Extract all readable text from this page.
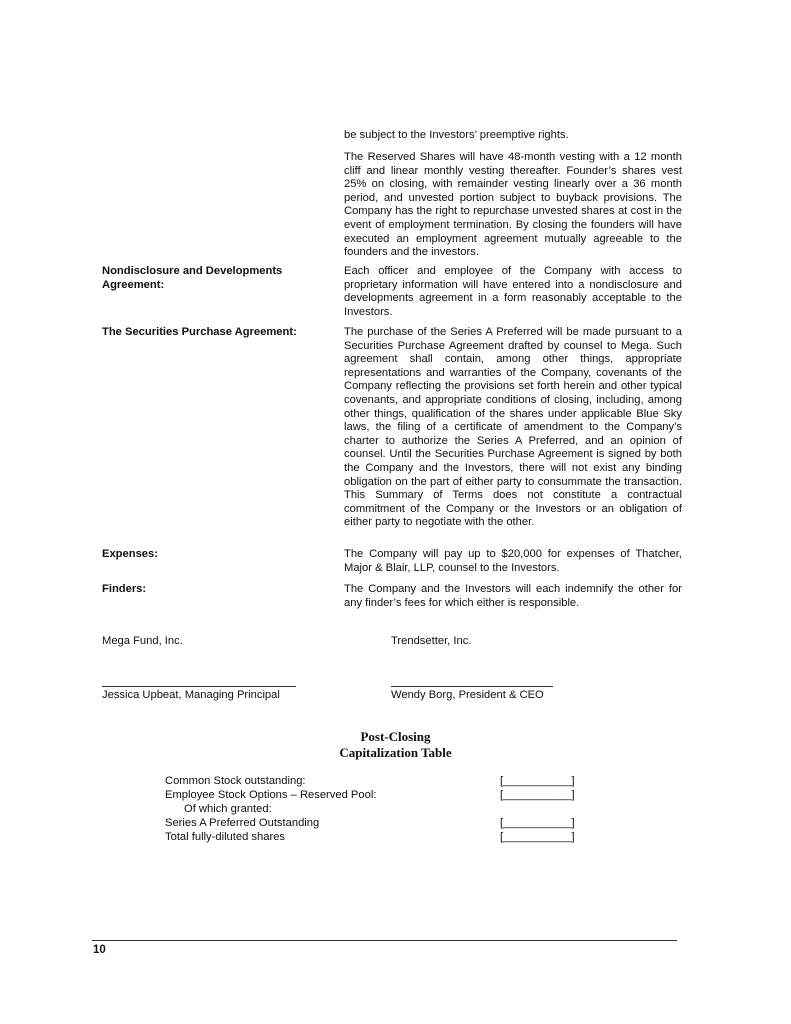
be subject to the Investors’ preemptive rights.
The Reserved Shares will have 48-month vesting with a 12 month cliff and linear monthly vesting thereafter. Founder’s shares vest 25% on closing, with remainder vesting linearly over a 36 month period, and unvested portion subject to buyback provisions. The Company has the right to repurchase unvested shares at cost in the event of employment termination. By closing the founders will have executed an employment agreement mutually agreeable to the founders and the investors.
Nondisclosure and Developments Agreement:
Each officer and employee of the Company with access to proprietary information will have entered into a nondisclosure and developments agreement in a form reasonably acceptable to the Investors.
The Securities Purchase Agreement:	The purchase of the Series A Preferred will be made pursuant to a Securities Purchase Agreement drafted by counsel to Mega. Such agreement shall contain, among other things, appropriate representations and warranties of the Company, covenants of the Company reflecting the provisions set forth herein and other typical covenants, and appropriate conditions of closing, including, among other things, qualification of the shares under applicable Blue Sky laws, the filing of a certificate of amendment to the Company’s charter to authorize the Series A Preferred, and an opinion of counsel. Until the Securities Purchase Agreement is signed by both the Company and the Investors, there will not exist any binding obligation on the part of either party to consummate the transaction. This Summary of Terms does not constitute a contractual commitment of the Company or the Investors or an obligation of either party to negotiate with the other.
Expenses:	The Company will pay up to $20,000 for expenses of Thatcher, Major & Blair, LLP, counsel to the Investors.
Finders:	The Company and the Investors will each indemnify the other for any finder’s fees for which either is responsible.
Mega Fund, Inc.	Trendsetter, Inc.
Jessica Upbeat, Managing Principal	Wendy Borg, President & CEO
Post-Closing
Capitalization Table
Common Stock outstanding:	[___________]
Employee Stock Options – Reserved Pool:	[___________]
Of which granted:
Series A Preferred Outstanding	[___________]
Total fully-diluted shares	[___________]
10
